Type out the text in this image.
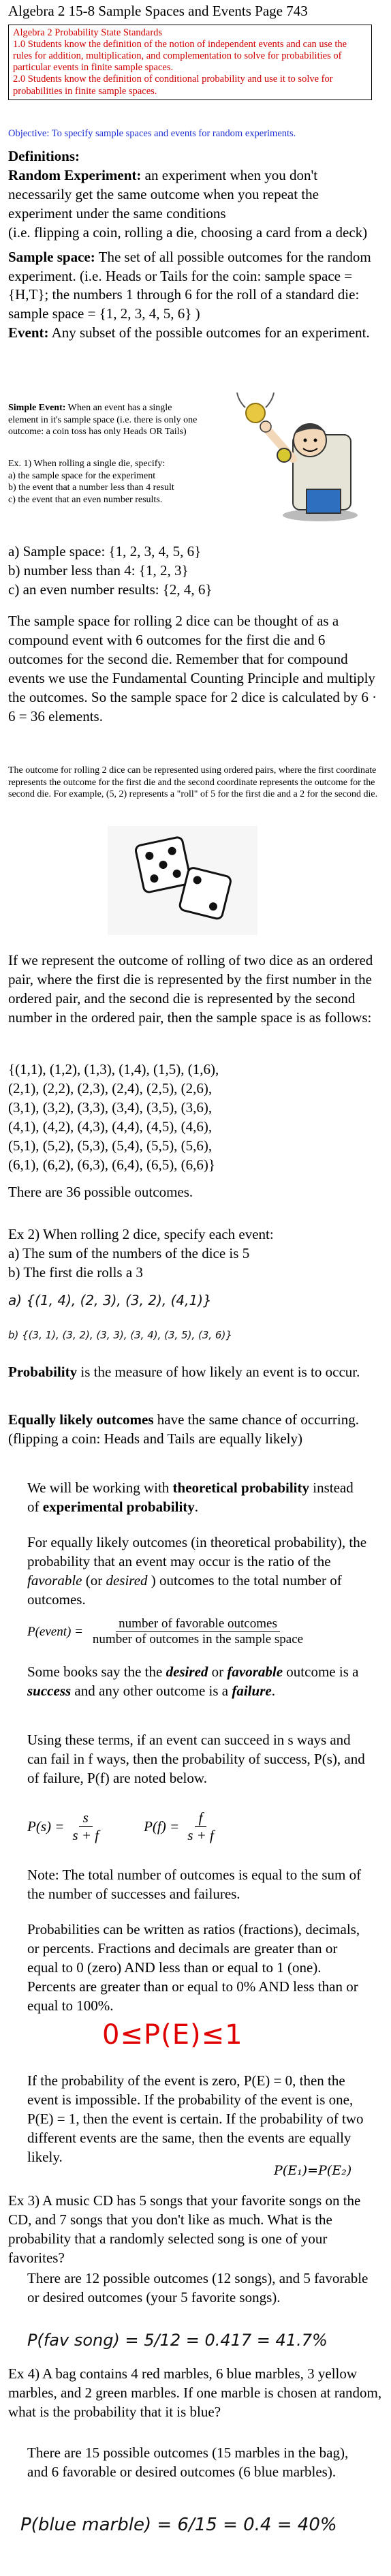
Algebra 2 15-8 Sample Spaces and Events Page 743
Algebra 2 Probability State Standards
1.0 Students know the definition of the notion of independent events and can use the rules for addition, multiplication, and complementation to solve for probabilities of particular events in finite sample spaces.
2.0 Students know the definition of conditional probability and use it to solve for probabilities in finite sample spaces.
Objective: To specify sample spaces and events for random experiments.
Definitions:
Random Experiment: an experiment when you don't necessarily get the same outcome when you repeat the experiment under the same conditions
(i.e. flipping a coin, rolling a die, choosing a card from a deck)
Sample space: The set of all possible outcomes for the random experiment. (i.e. Heads or Tails for the coin: sample space = {H,T}; the numbers 1 through 6 for the roll of a standard die: sample space = {1, 2, 3, 4, 5, 6} )
Event: Any subset of the possible outcomes for an experiment.
Simple Event: When an event has a single element in it's sample space (i.e. there is only one outcome: a coin toss has only Heads OR Tails)
Ex. 1) When rolling a single die, specify:
a) the sample space for the experiment
b) the event that a number less than 4 result
c) the event that an even number results.
a) Sample space: {1, 2, 3, 4, 5, 6}
b) number less than 4: {1, 2, 3}
c) an even number results: {2, 4, 6}
The sample space for rolling 2 dice can be thought of as a compound event with 6 outcomes for the first die and 6 outcomes for the second die. Remember that for compound events we use the Fundamental Counting Principle and multiply the outcomes. So the sample space for 2 dice is calculated by 6 · 6 = 36 elements.
The outcome for rolling 2 dice can be represented using ordered pairs, where the first coordinate represents the outcome for the first die and the second coordinate represents the outcome for the second die. For example, (5, 2) represents a "roll" of 5 for the first die and a 2 for the second die.
If we represent the outcome of rolling of two dice as an ordered pair, where the first die is represented by the first number in the ordered pair, and the second die is represented by the second number in the ordered pair, then the sample space is as follows:
{(1,1), (1,2), (1,3), (1,4), (1,5), (1,6),
(2,1), (2,2), (2,3), (2,4), (2,5), (2,6),
(3,1), (3,2), (3,3), (3,4), (3,5), (3,6),
(4,1), (4,2), (4,3), (4,4), (4,5), (4,6),
(5,1), (5,2), (5,3), (5,4), (5,5), (5,6),
(6,1), (6,2), (6,3), (6,4), (6,5), (6,6)}
There are 36 possible outcomes.
Ex 2) When rolling 2 dice, specify each event:
a) The sum of the numbers of the dice is 5
b) The first die rolls a 3
a) {(1, 4), (2, 3), (3, 2), (4,1)}
b) {(3, 1), (3, 2), (3, 3), (3, 4), (3, 5), (3, 6)}
Probability is the measure of how likely an event is to occur.
Equally likely outcomes have the same chance of occurring. (flipping a coin: Heads and Tails are equally likely)
We will be working with theoretical probability instead of experimental probability.
For equally likely outcomes (in theoretical probability), the probability that an event may occur is the ratio of the favorable (or desired ) outcomes to the total number of outcomes.
P(event) =
number of favorable outcomes
number of outcomes in the sample space
Some books say the the desired or favorable outcome is a success and any other outcome is a failure.
Using these terms, if an event can succeed in s ways and can fail in f ways, then the probability of success, P(s), and of failure, P(f) are noted below.
$P(s) = \frac{s}{s + f}$	$P(f) = \frac{f}{s + f}$
Note: The total number of outcomes is equal to the sum of the number of successes and failures.
Probabilities can be written as ratios (fractions), decimals, or percents. Fractions and decimals are greater than or equal to 0 (zero) AND less than or equal to 1 (one). Percents are greater than or equal to 0% AND less than or equal to 100%.
0≤P(E)≤1
If the probability of the event is zero, P(E) = 0, then the event is impossible. If the probability of the event is one, P(E) = 1, then the event is certain. If the probability of two different events are the same, then the events are equally likely.
P(E₁)=P(E₂)
Ex 3) A music CD has 5 songs that your favorite songs on the CD, and 7 songs that you don't like as much. What is the probability that a randomly selected song is one of your favorites?
There are 12 possible outcomes (12 songs), and 5 favorable or desired outcomes (your 5 favorite songs).
P(fav song) = 5/12 = 0.417 = 41.7%
Ex 4) A bag contains 4 red marbles, 6 blue marbles, 3 yellow marbles, and 2 green marbles. If one marble is chosen at random, what is the probability that it is blue?
There are 15 possible outcomes (15 marbles in the bag), and 6 favorable or desired outcomes (6 blue marbles).
P(blue marble) = 6/15 = 0.4 = 40%
